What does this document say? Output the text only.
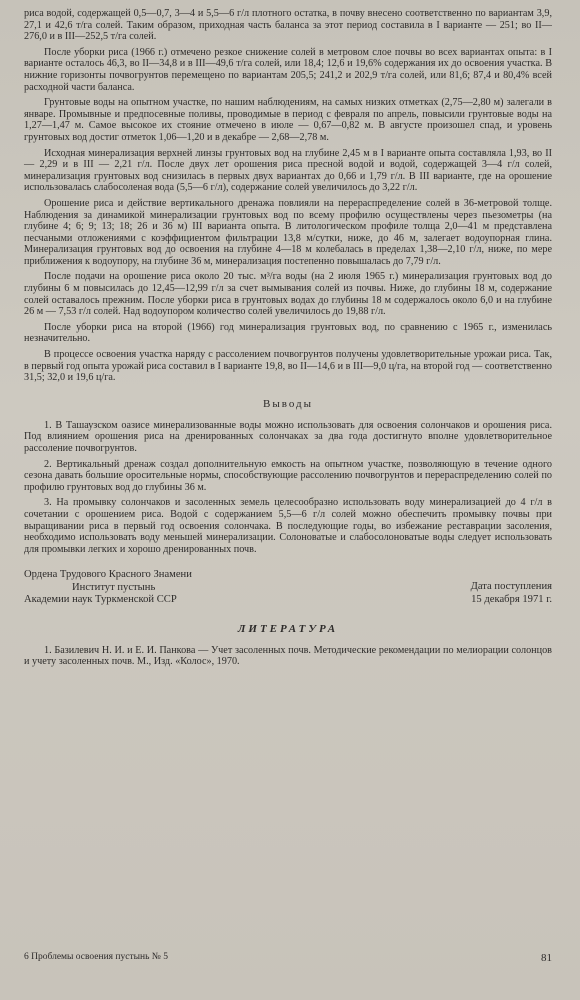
риса водой, содержащей 0,5—0,7, 3—4 и 5,5—6 г/л плотного остатка, в почву внесено соответственно по вариантам 3,9, 27,1 и 42,6 т/га солей. Таким образом, приходная часть баланса за этот период составила в I варианте — 251; во II—276,0 и в III—252,5 т/га солей.

После уборки риса (1966 г.) отмечено резкое снижение солей в метровом слое почвы во всех вариантах опыта: в I варианте осталось 46,3, во II—34,8 и в III—49,6 т/га солей, или 18,4; 12,6 и 19,6% содержания их до освоения участка. В нижние горизонты почвогрунтов перемещено по вариантам 205,5; 241,2 и 202,9 т/га солей, или 81,6; 87,4 и 80,4% всей расходной части баланса.

Грунтовые воды на опытном участке, по нашим наблюдениям, на самых низких отметках (2,75—2,80 м) залегали в январе. Промывные и предпосевные поливы, проводимые в период с февраля по апрель, повысили грунтовые воды на 1,27—1,47 м. Самое высокое их стояние отмечено в июле — 0,67—0,82 м. В августе произошел спад, и уровень грунтовых вод достиг отметок 1,06—1,20 и в декабре — 2,68—2,78 м.

Исходная минерализация верхней линзы грунтовых вод на глубине 2,45 м в I варианте опыта составляла 1,93, во II — 2,29 и в III — 2,21 г/л. После двух лет орошения риса пресной водой и водой, содержащей 3—4 г/л солей, минерализация грунтовых вод снизилась в первых двух вариантах до 0,66 и 1,79 г/л. В III варианте, где на орошение использовалась слабосоленая вода (5,5—6 г/л), содержание солей увеличилось до 3,22 г/л.

Орошение риса и действие вертикального дренажа повлияли на перераспределение солей в 36-метровой толще. Наблюдения за динамикой минерализации грунтовых вод по всему профилю осуществлены через пьезометры (на глубине 4; 6; 9; 13; 18; 26 и 36 м) III варианта опыта. В литологическом профиле толща 2,0—41 м представлена песчаными отложениями с коэффициентом фильтрации 13,8 м/сутки, ниже, до 46 м, залегает водоупорная глина. Минерализация грунтовых вод до освоения на глубине 4—18 м колебалась в пределах 1,38—2,10 г/л, ниже, по мере приближения к водоупору, на глубине 36 м, минерализация постепенно повышалась до 7,79 г/л.

После подачи на орошение риса около 20 тыс. м³/га воды (на 2 июля 1965 г.) минерализация грунтовых вод до глубины 6 м повысилась до 12,45—12,99 г/л за счет вымывания солей из почвы. Ниже, до глубины 18 м, содержание солей оставалось прежним. После уборки риса в грунтовых водах до глубины 18 м содержалось около 6,0 и на глубине 26 м — 7,53 г/л солей. Над водоупором количество солей увеличилось до 19,88 г/л.

После уборки риса на второй (1966) год минерализация грунтовых вод, по сравнению с 1965 г., изменилась незначительно.

В процессе освоения участка наряду с рассолением почвогрунтов получены удовлетворительные урожаи риса. Так, в первый год опыта урожай риса составил в I варианте 19,8, во II—14,6 и в III—9,0 ц/га, на второй год — соответственно 31,5; 32,0 и 19,6 ц/га.

Выводы

1. В Ташаузском оазисе минерализованные воды можно использовать для освоения солончаков и орошения риса. Под влиянием орошения риса на дренированных солончаках за два года достигнуто вполне удовлетворительное рассоление почвогрунтов.

2. Вертикальный дренаж создал дополнительную емкость на опытном участке, позволяющую в течение одного сезона давать большие оросительные нормы, способствующие рассолению почвогрунтов и перераспределению солей по профилю грунтовых вод до глубины 36 м.

3. На промывку солончаков и засоленных земель целесообразно использовать воду минерализацией до 4 г/л в сочетании с орошением риса. Водой с содержанием 5,5—6 г/л солей можно обеспечить промывку почвы при выращивании риса в первый год освоения солончака. В последующие годы, во избежание реставрации засоления, необходимо использовать воду меньшей минерализации. Солоноватые и слабосолоноватые воды следует использовать для промывки легких и хорошо дренированных почв.

Ордена Трудового Красного Знамени
Институт пустынь
Академии наук Туркменской ССР
Дата поступления
15 декабря 1971 г.
ЛИТЕРАТУРА

1. Базилевич Н. И. и Е. И. Панкова — Учет засоленных почв. Методические рекомендации по мелиорации солонцов и учету засоленных почв. М., Изд. «Колос», 1970.

6 Проблемы освоения пустынь № 5	81
